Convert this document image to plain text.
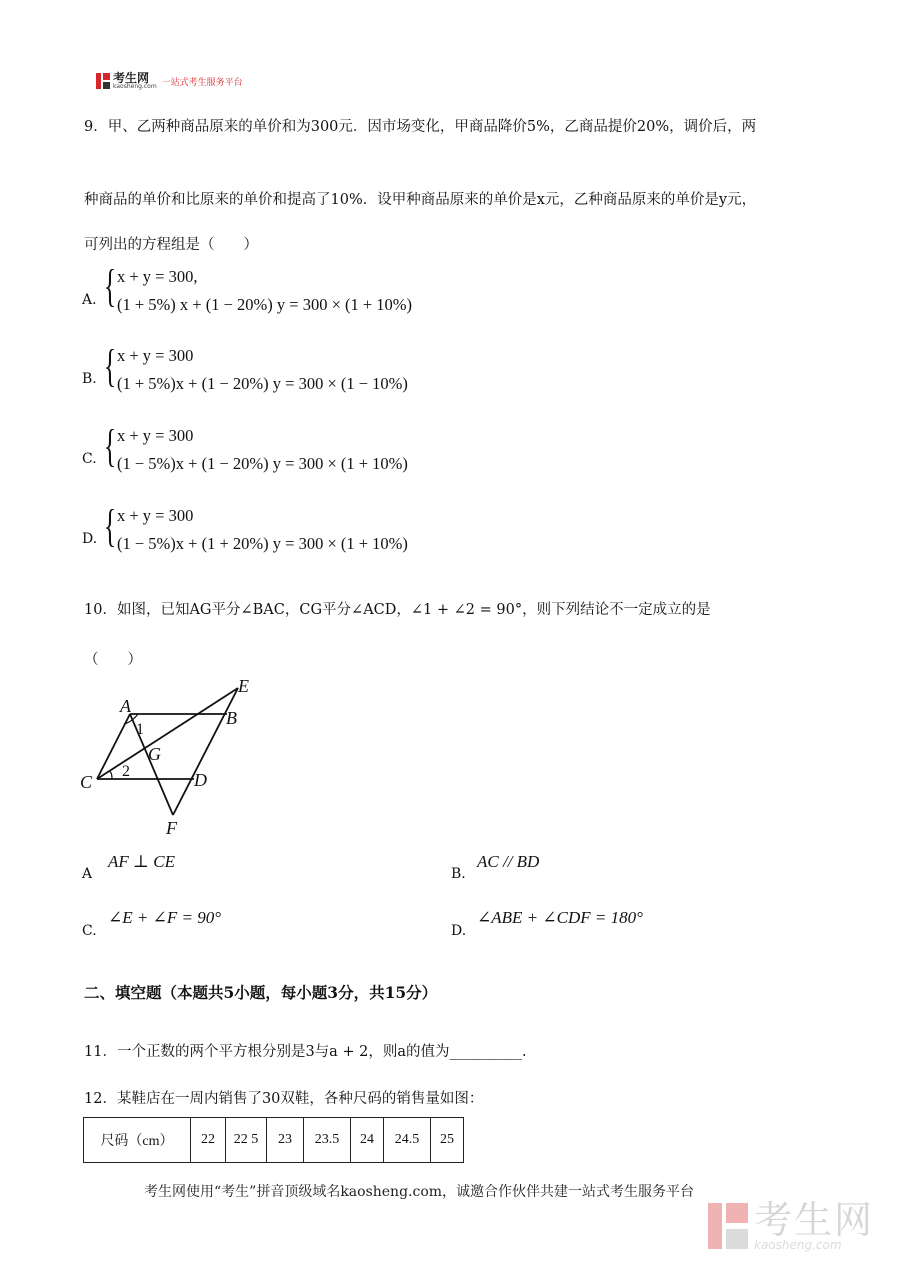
考生网
kaosheng.com 一站式考生服务平台
9．甲、乙两种商品原来的单价和为300元．因市场变化，甲商品降价5%，乙商品提价20%，调价后，两
种商品的单价和比原来的单价和提高了10%．设甲种商品原来的单价是x元，乙种商品原来的单价是y元，
可列出的方程组是（　　）
A. { x + y = 300,
(1 + 5%) x + (1 − 20%) y = 300 × (1 + 10%)
B. { x + y = 300
(1 + 5%)x + (1 − 20%) y = 300 × (1 − 10%)
C. { x + y = 300
(1 − 5%)x + (1 − 20%) y = 300 × (1 + 10%)
D. { x + y = 300
(1 − 5%)x + (1 + 20%) y = 300 × (1 + 10%)
10．如图，已知AG平分∠BAC，CG平分∠ACD，∠1 + ∠2 = 90°，则下列结论不一定成立的是
（　　）
A
B
C	D
E
F
G
1
2
A
AF ⊥ CE
B.
AC // BD
C.
∠E + ∠F = 90°
D.
∠ABE + ∠CDF = 180°
二、填空题（本题共5小题，每小题3分，共15分）
11．一个正数的两个平方根分别是3与a + 2，则a的值为__________.
12．某鞋店在一周内销售了30双鞋，各种尺码的销售量如图：
尺码（cm）	22	22 5	23	23.5	24	24.5	25
考生网使用“考生”拼音顶级域名kaosheng.com，诚邀合作伙伴共建一站式考生服务平台
考生网
kaosheng.com
